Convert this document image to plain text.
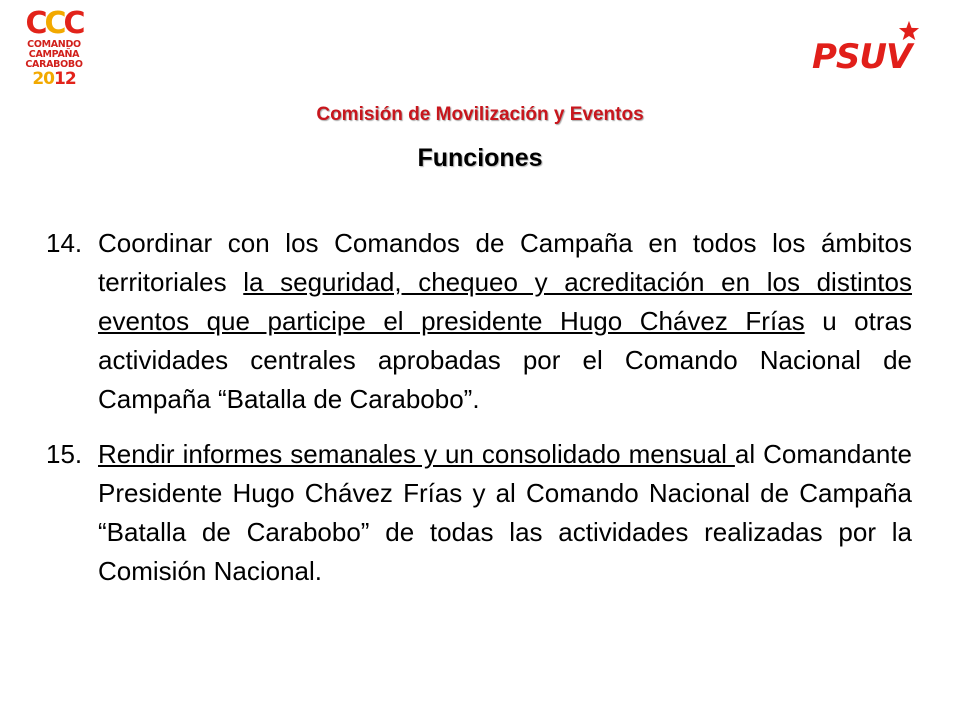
CCC
COMANDO
CAMPAÑA
CARABOBO
2012
PSUV
Comisión de Movilización y Eventos
Funciones
14. Coordinar con los Comandos de Campaña en todos los ámbitos territoriales la seguridad, chequeo y acreditación en los distintos eventos que participe el presidente Hugo Chávez Frías u otras actividades centrales aprobadas por el Comando Nacional de Campaña “Batalla de Carabobo”.
15. Rendir informes semanales y un consolidado mensual al Comandante Presidente Hugo Chávez Frías y al Comando Nacional de Campaña “Batalla de Carabobo” de todas las actividades realizadas por la Comisión Nacional.
